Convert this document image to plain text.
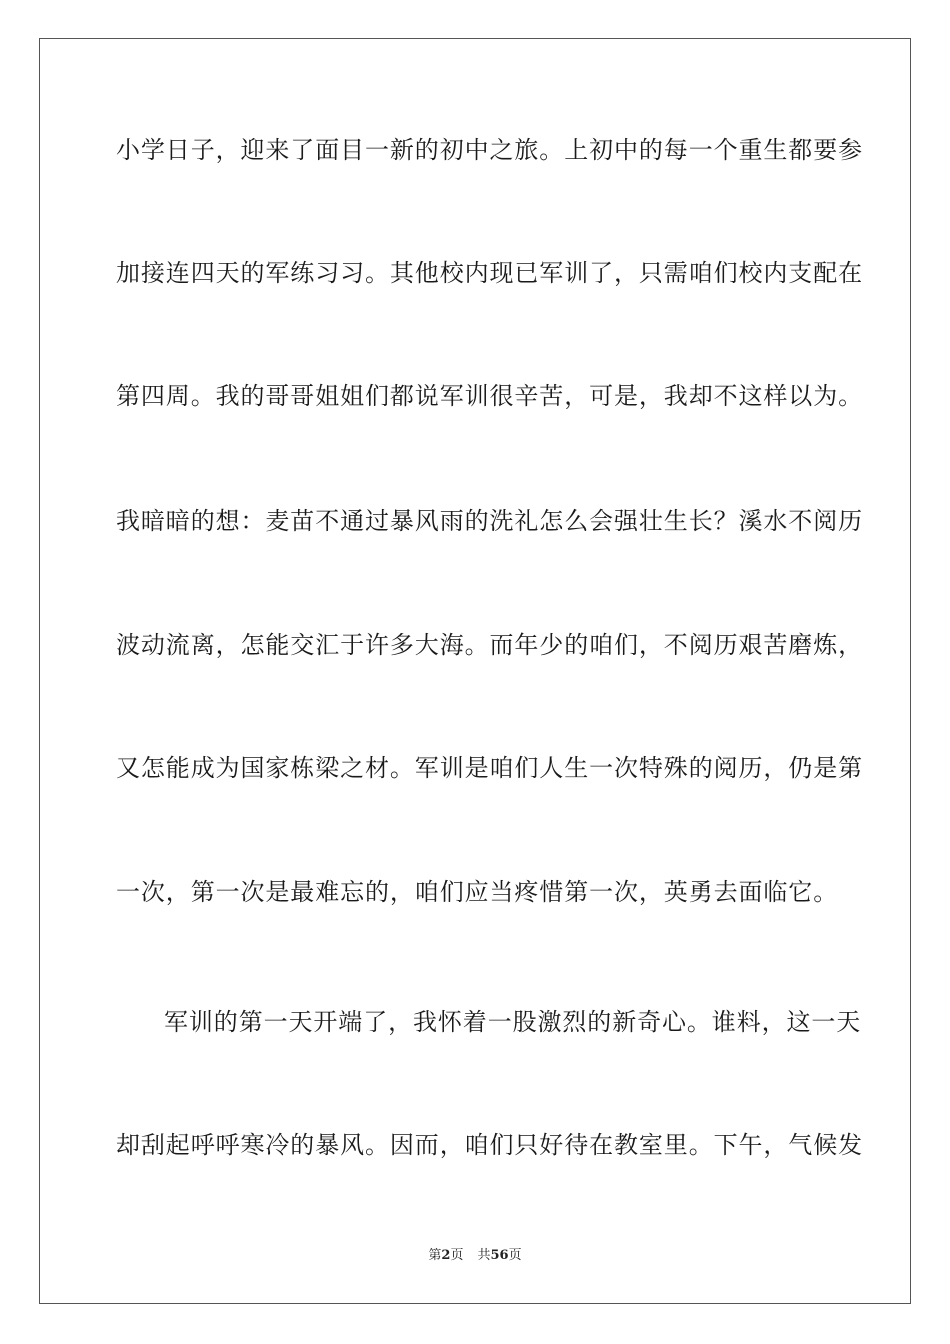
小学日子，迎来了面目一新的初中之旅。上初中的每一个重生都要参
加接连四天的军练习习。其他校内现已军训了，只需咱们校内支配在
第四周。我的哥哥姐姐们都说军训很辛苦，可是，我却不这样以为。
我暗暗的想：麦苗不通过暴风雨的洗礼怎么会强壮生长？溪水不阅历
波动流离，怎能交汇于许多大海。而年少的咱们，不阅历艰苦磨炼，
又怎能成为国家栋梁之材。军训是咱们人生一次特殊的阅历，仍是第
一次，第一次是最难忘的，咱们应当疼惜第一次，英勇去面临它。
军训的第一天开端了，我怀着一股激烈的新奇心。谁料，这一天
却刮起呼呼寒冷的暴风。因而，咱们只好待在教室里。下午，气候发
第2页 共56页
